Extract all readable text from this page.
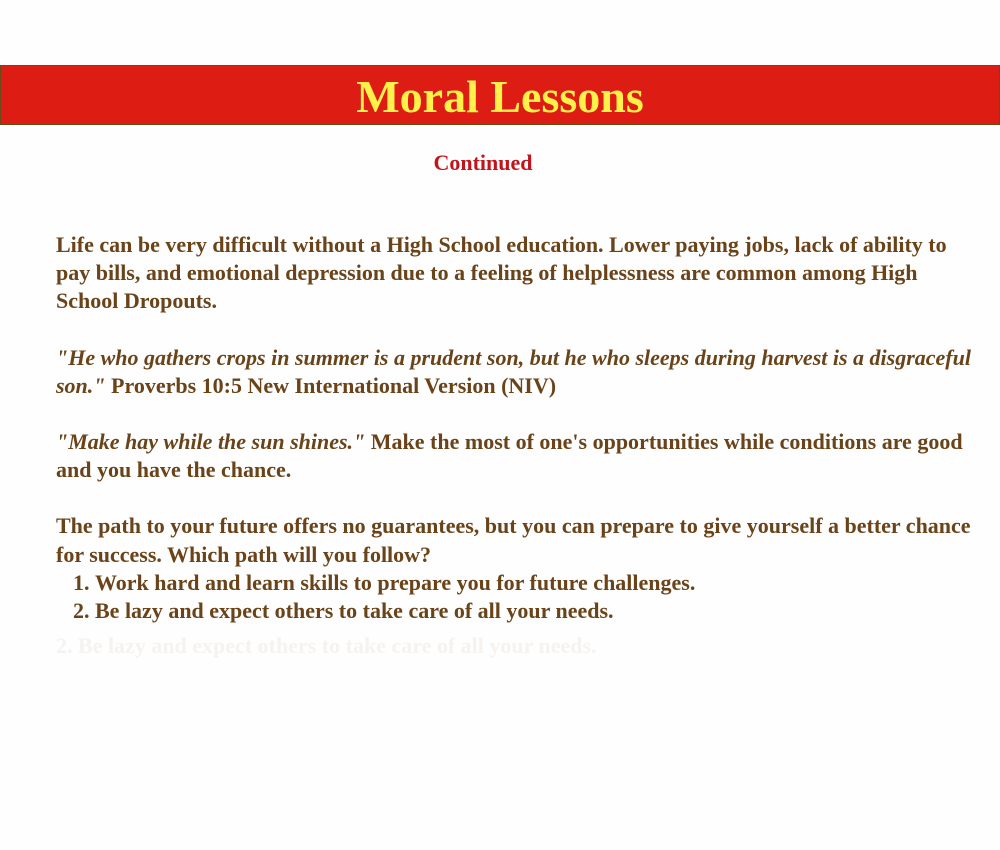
Moral Lessons
Continued

Life can be very difficult without a High School education. Lower paying jobs, lack of ability to pay bills, and emotional depression due to a feeling of helplessness are common among High School Dropouts.

"He who gathers crops in summer is a prudent son, but he who sleeps during harvest is a disgraceful son." Proverbs 10:5 New International Version (NIV)

"Make hay while the sun shines." Make the most of one's opportunities while conditions are good and you have the chance.

The path to your future offers no guarantees, but you can prepare to give yourself a better chance for success. Which path will you follow?
1. Work hard and learn skills to prepare you for future challenges.
2. Be lazy and expect others to take care of all your needs.
2. Be lazy and expect others to take care of all your needs.
